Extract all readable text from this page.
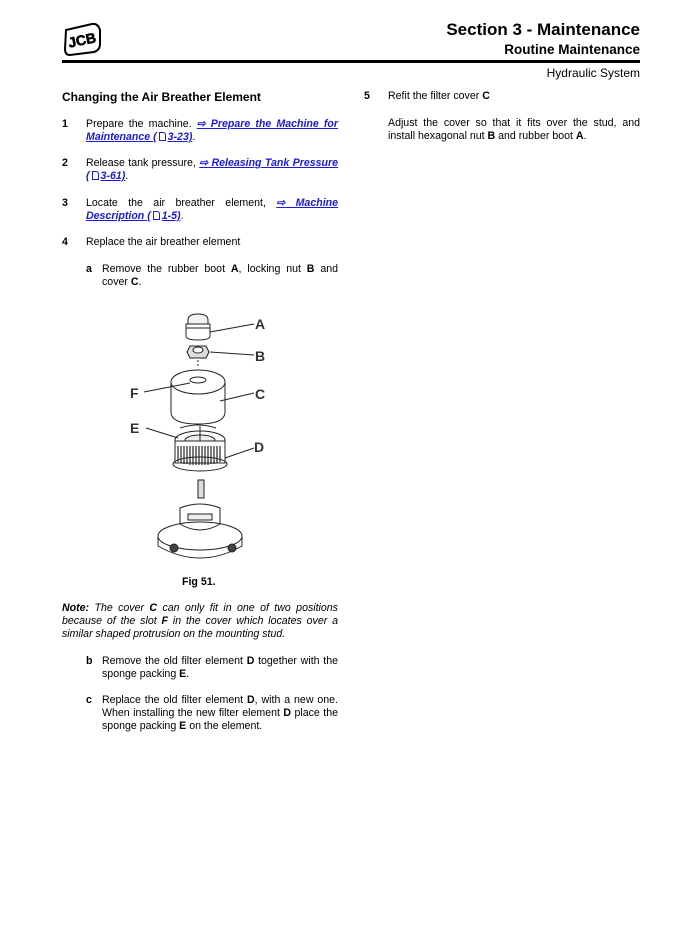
JCB	Section 3 - Maintenance
Routine Maintenance
Hydraulic System
Changing the Air Breather Element
1 Prepare the machine. ⇨ Prepare the Machine for Maintenance ( 3-23).
2 Release tank pressure, ⇨ Releasing Tank Pressure ( 3-61).
3 Locate the air breather element, ⇨ Machine Description ( 1-5).
4 Replace the air breather element
a Remove the rubber boot A, locking nut B and cover C.
A
B
C
D
E
F
Fig 51.
Note: The cover C can only fit in one of two positions because of the slot F in the cover which locates over a similar shaped protrusion on the mounting stud.
b Remove the old filter element D together with the sponge packing E.
c Replace the old filter element D, with a new one. When installing the new filter element D place the sponge packing E on the element.
5 Refit the filter cover C
Adjust the cover so that it fits over the stud, and install hexagonal nut B and rubber boot A.
